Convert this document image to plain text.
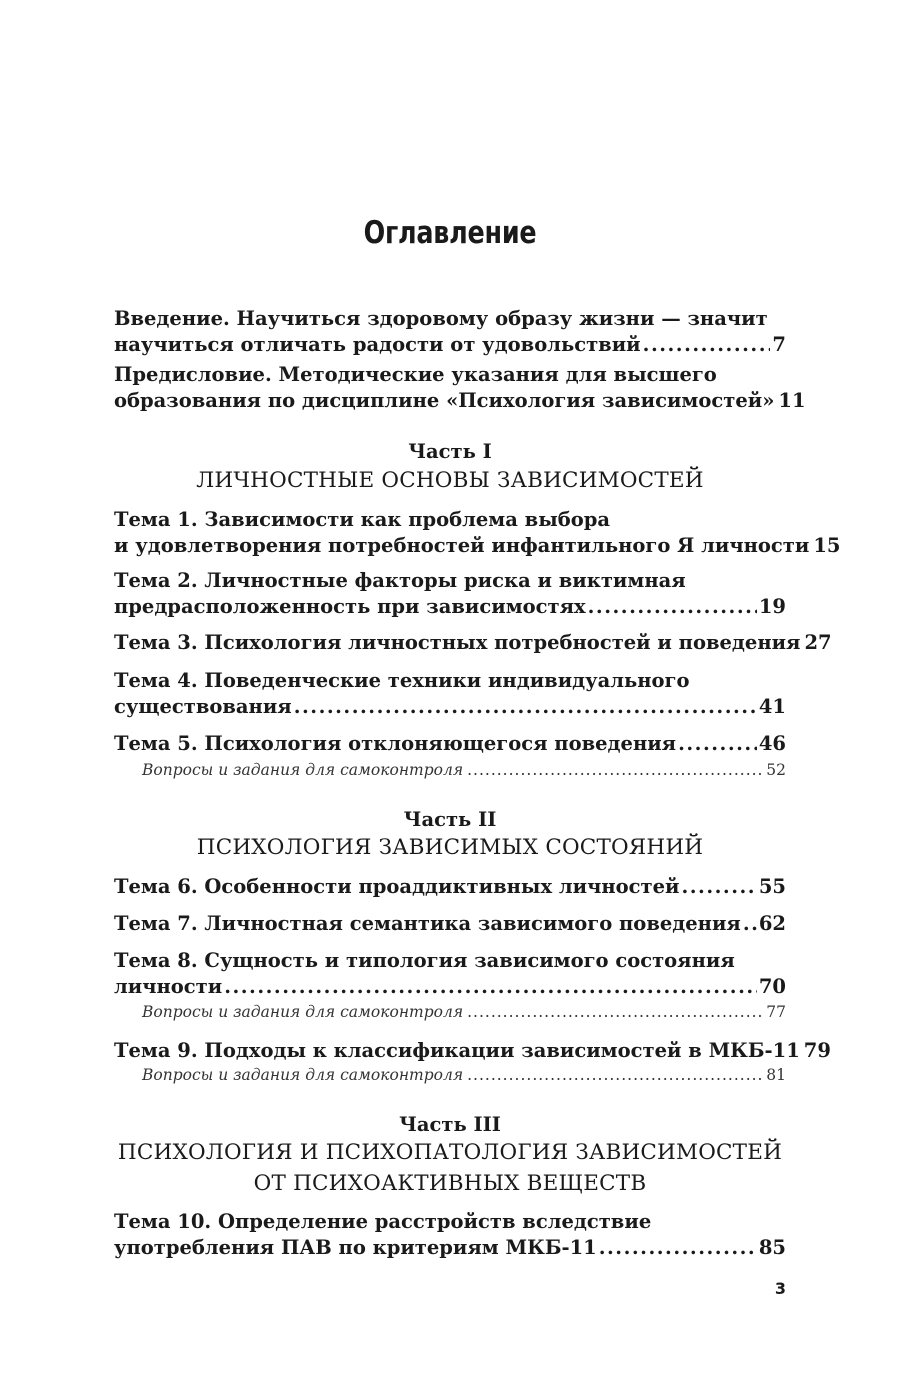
Оглавление
Введение. Научиться здоровому образу жизни — значит
научиться отличать радости от удовольствий .....	7
Предисловие. Методические указания для высшего
образования по дисциплине «Психология зависимостей» 11
Часть I
ЛИЧНОСТНЫЕ ОСНОВЫ ЗАВИСИМОСТЕЙ
Тема 1. Зависимости как проблема выбора
и удовлетворения потребностей инфантильного Я личности 15
Тема 2. Личностные факторы риска и виктимная
предрасположенность при зависимостях .....	19
Тема 3. Психология личностных потребностей и поведения 27
Тема 4. Поведенческие техники индивидуального
существования .....	41
Тема 5. Психология отклоняющегося поведения .....	46
Вопросы и задания для самоконтроля .....	52
Часть II
ПСИХОЛОГИЯ ЗАВИСИМЫХ СОСТОЯНИЙ
Тема 6. Особенности проаддиктивных личностей .....	55
Тема 7. Личностная семантика зависимого поведения ..... 62
Тема 8. Сущность и типология зависимого состояния
личности .....	70
Вопросы и задания для самоконтроля .....	77
Тема 9. Подходы к классификации зависимостей в МКБ-11 79
Вопросы и задания для самоконтроля .....	81
Часть III
ПСИХОЛОГИЯ И ПСИХОПАТОЛОГИЯ ЗАВИСИМОСТЕЙ
ОТ ПСИХОАКТИВНЫХ ВЕЩЕСТВ
Тема 10. Определение расстройств вследствие
употребления ПАВ по критериям МКБ-11 .....	85
3
